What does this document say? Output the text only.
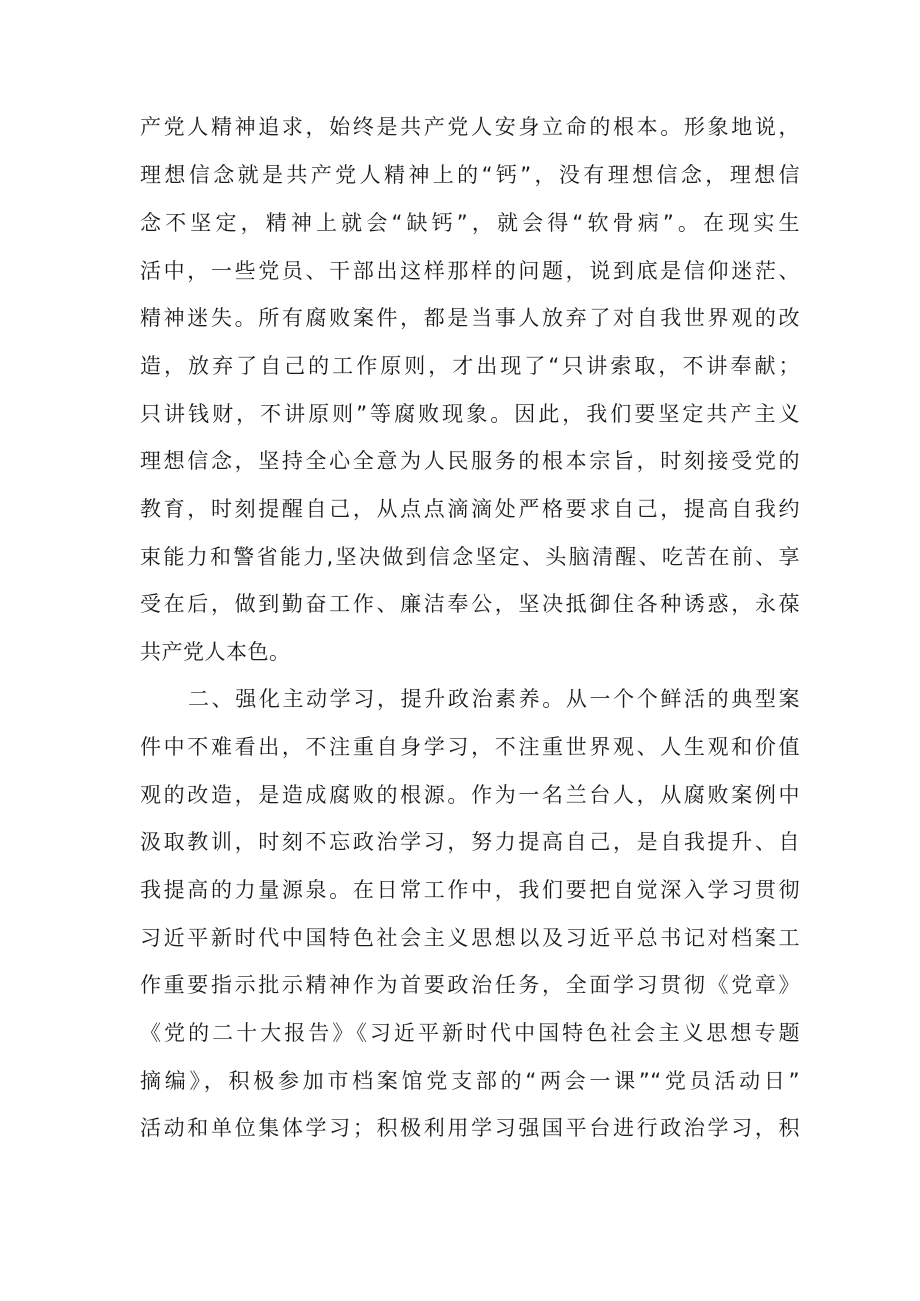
产党人精神追求，始终是共产党人安身立命的根本。形象地说，
理想信念就是共产党人精神上的“钙”，没有理想信念，理想信
念不坚定，精神上就会“缺钙”，就会得“软骨病”。在现实生
活中，一些党员、干部出这样那样的问题，说到底是信仰迷茫、
精神迷失。所有腐败案件，都是当事人放弃了对自我世界观的改
造，放弃了自己的工作原则，才出现了“只讲索取，不讲奉献；
只讲钱财，不讲原则”等腐败现象。因此，我们要坚定共产主义
理想信念，坚持全心全意为人民服务的根本宗旨，时刻接受党的
教育，时刻提醒自己，从点点滴滴处严格要求自己，提高自我约
束能力和警省能力,坚决做到信念坚定、头脑清醒、吃苦在前、享
受在后，做到勤奋工作、廉洁奉公，坚决抵御住各种诱惑，永葆
共产党人本色。
二、强化主动学习，提升政治素养。从一个个鲜活的典型案
件中不难看出，不注重自身学习，不注重世界观、人生观和价值
观的改造，是造成腐败的根源。作为一名兰台人，从腐败案例中
汲取教训，时刻不忘政治学习，努力提高自己，是自我提升、自
我提高的力量源泉。在日常工作中，我们要把自觉深入学习贯彻
习近平新时代中国特色社会主义思想以及习近平总书记对档案工
作重要指示批示精神作为首要政治任务，全面学习贯彻《党章》
《党的二十大报告》《习近平新时代中国特色社会主义思想专题
摘编》，积极参加市档案馆党支部的“两会一课”“党员活动日”
活动和单位集体学习；积极利用学习强国平台进行政治学习，积
